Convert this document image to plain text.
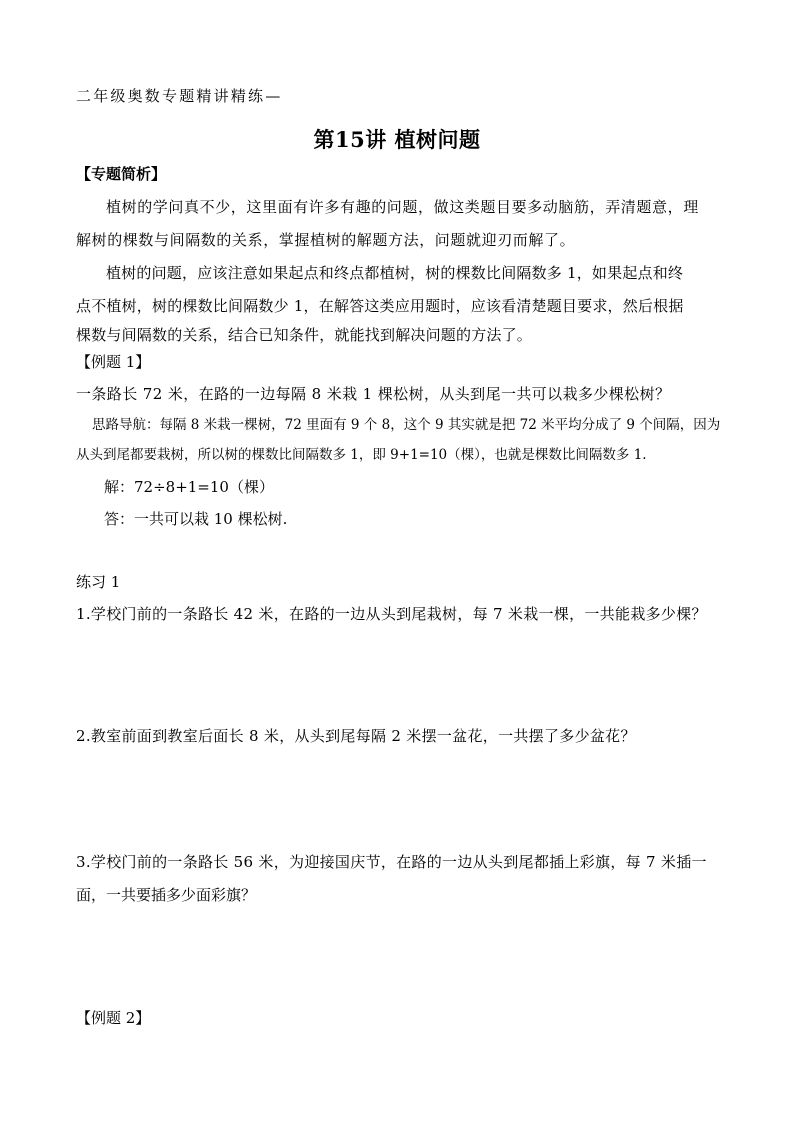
二年级奥数专题精讲精练—
第15讲 植树问题
【专题简析】
植树的学问真不少，这里面有许多有趣的问题，做这类题目要多动脑筋，弄清题意，理
解树的棵数与间隔数的关系，掌握植树的解题方法，问题就迎刃而解了。
植树的问题，应该注意如果起点和终点都植树，树的棵数比间隔数多 1，如果起点和终
点不植树，树的棵数比间隔数少 1，在解答这类应用题时，应该看清楚题目要求，然后根据
棵数与间隔数的关系，结合已知条件，就能找到解决问题的方法了。
【例题 1】
一条路长 72 米，在路的一边每隔 8 米栽 1 棵松树，从头到尾一共可以栽多少棵松树？
思路导航：每隔 8 米栽一棵树，72 里面有 9 个 8，这个 9 其实就是把 72 米平均分成了 9 个间隔，因为
从头到尾都要栽树，所以树的棵数比间隔数多 1，即 9+1=10（棵），也就是棵数比间隔数多 1.
解：72÷8+1=10（棵）
答：一共可以栽 10 棵松树.
练习 1
1.学校门前的一条路长 42 米，在路的一边从头到尾栽树，每 7 米栽一棵，一共能栽多少棵？
2.教室前面到教室后面长 8 米，从头到尾每隔 2 米摆一盆花，一共摆了多少盆花？
3.学校门前的一条路长 56 米，为迎接国庆节，在路的一边从头到尾都插上彩旗，每 7 米插一
面，一共要插多少面彩旗？
【例题 2】
